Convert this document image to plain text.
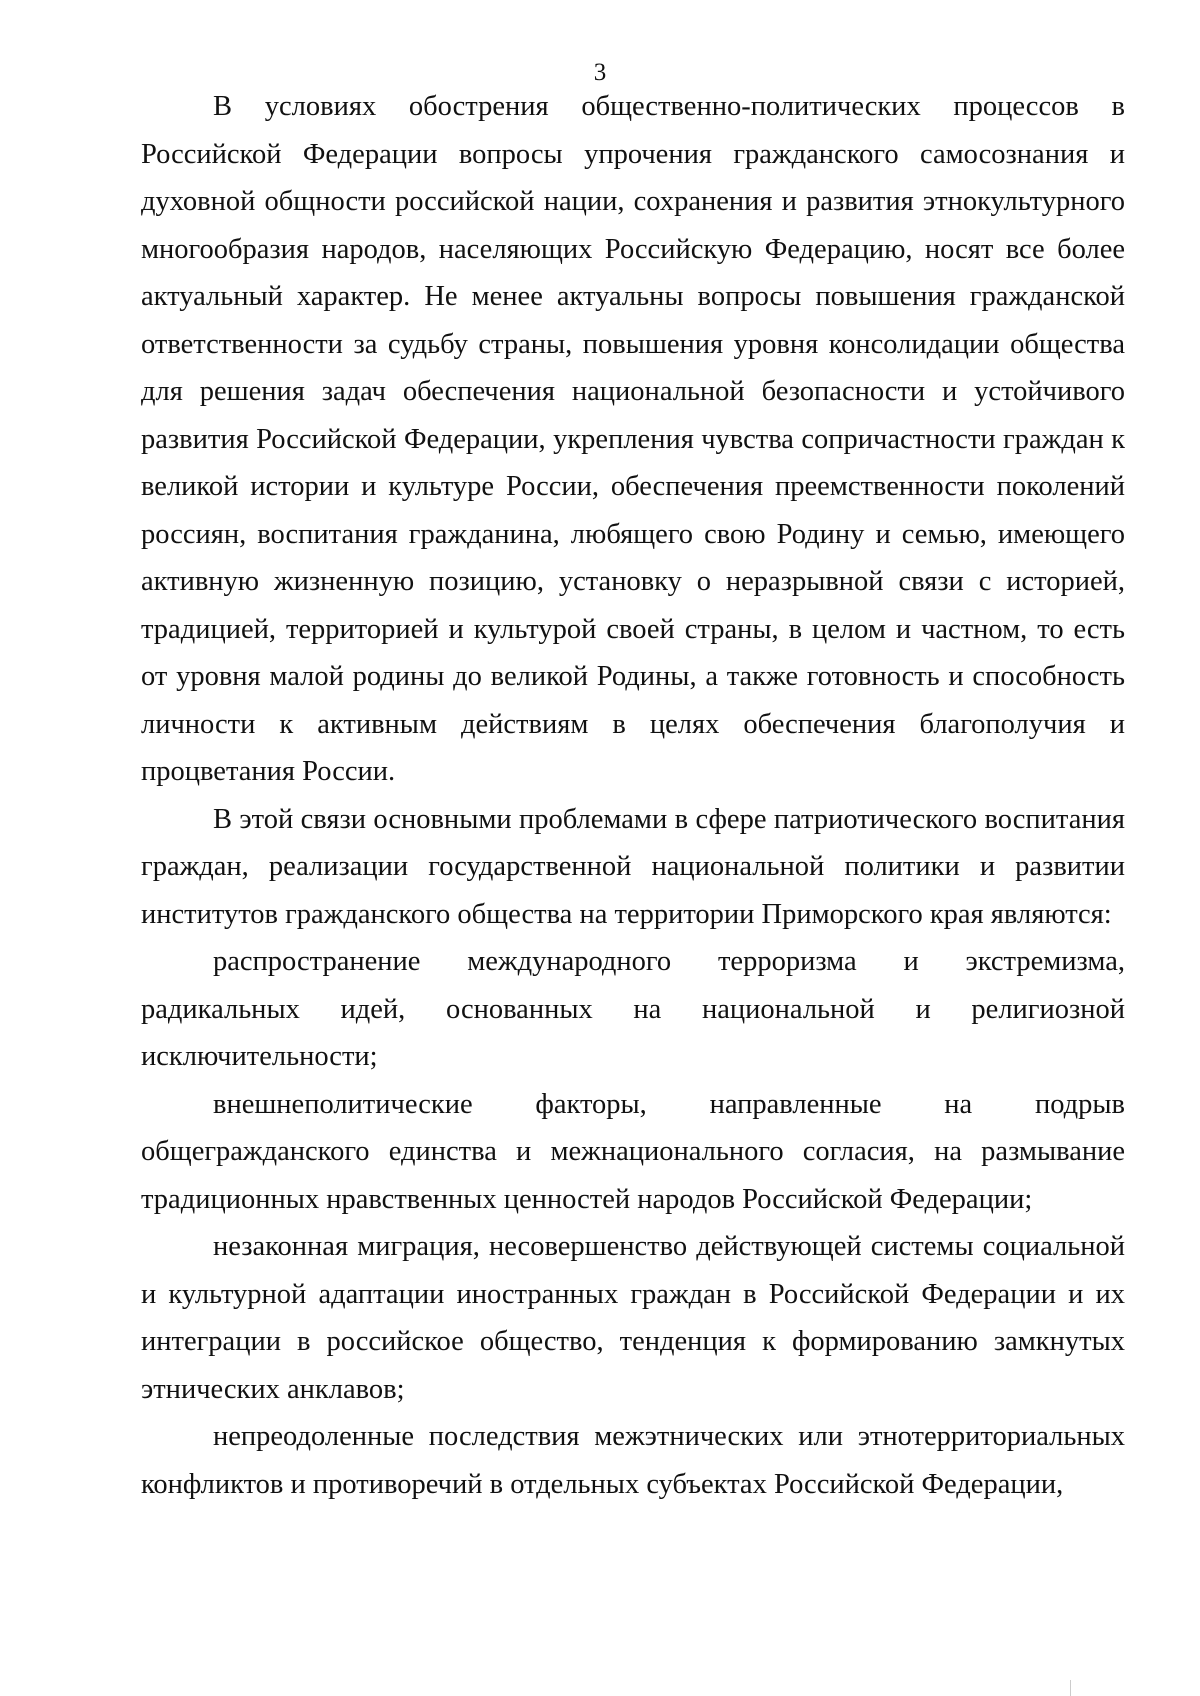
3

В условиях обострения общественно-политических процессов в Российской Федерации вопросы упрочения гражданского самосознания и духовной общности российской нации, сохранения и развития этнокультурного многообразия народов, населяющих Российскую Федерацию, носят все более актуальный характер. Не менее актуальны вопросы повышения гражданской ответственности за судьбу страны, повышения уровня консолидации общества для решения задач обеспечения национальной безопасности и устойчивого развития Российской Федерации, укрепления чувства сопричастности граждан к великой истории и культуре России, обеспечения преемственности поколений россиян, воспитания гражданина, любящего свою Родину и семью, имеющего активную жизненную позицию, установку о неразрывной связи с историей, традицией, территорией и культурой своей страны, в целом и частном, то есть от уровня малой родины до великой Родины, а также готовность и способность личности к активным действиям в целях обеспечения благополучия и процветания России.

В этой связи основными проблемами в сфере патриотического воспитания граждан, реализации государственной национальной политики и развитии институтов гражданского общества на территории Приморского края являются:

распространение международного терроризма и экстремизма, радикальных идей, основанных на национальной и религиозной исключительности;

внешнеполитические факторы, направленные на подрыв общегражданского единства и межнационального согласия, на размывание традиционных нравственных ценностей народов Российской Федерации;

незаконная миграция, несовершенство действующей системы социальной и культурной адаптации иностранных граждан в Российской Федерации и их интеграции в российское общество, тенденция к формированию замкнутых этнических анклавов;

непреодоленные последствия межэтнических или этнотерриториальных конфликтов и противоречий в отдельных субъектах Российской Федерации,
